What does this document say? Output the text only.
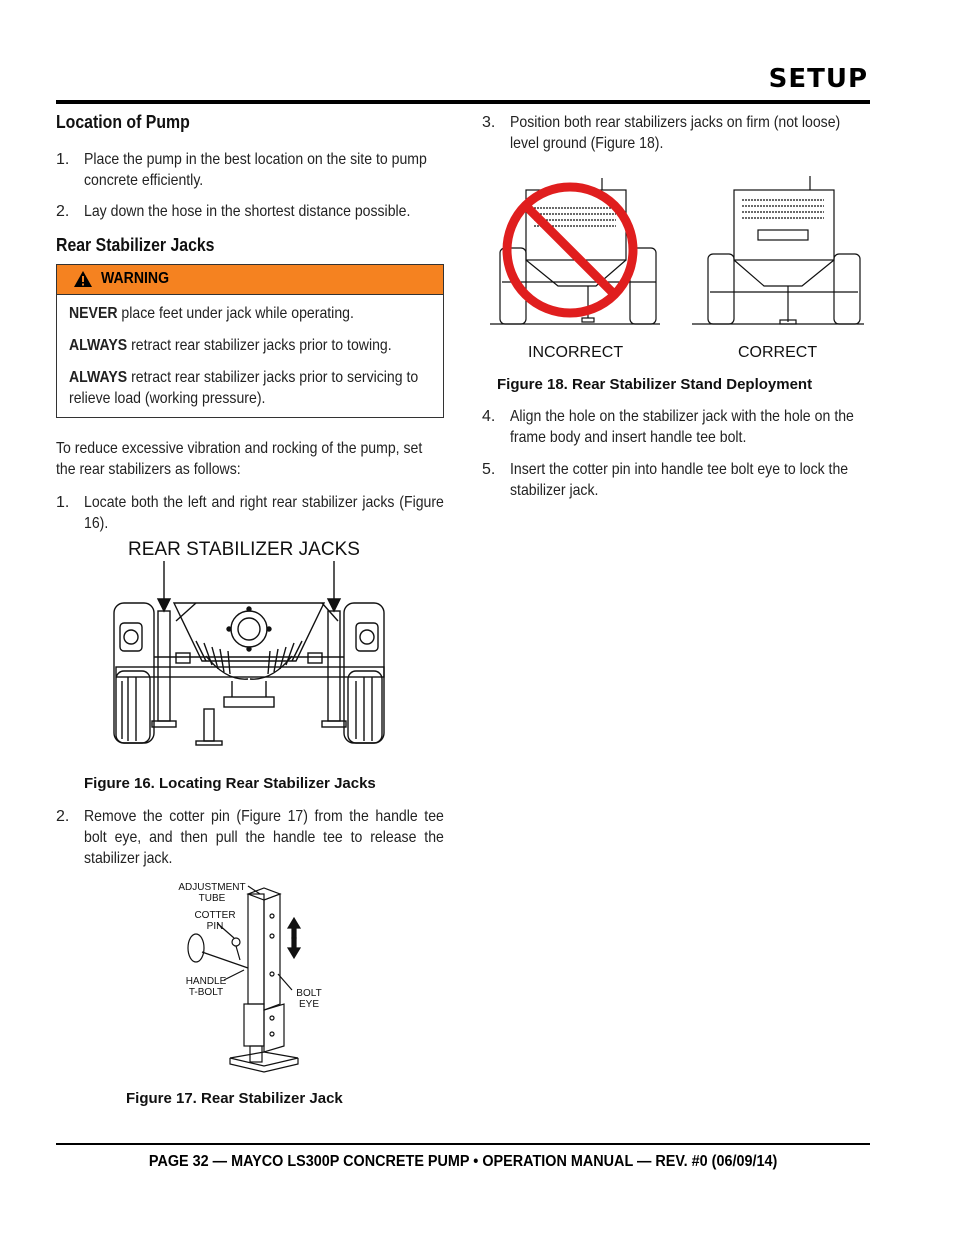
SETUP
Location of Pump
1. Place the pump in the best location on the site to pump concrete efficiently.
2. Lay down the hose in the shortest distance possible.
Rear Stabilizer Jacks
WARNING
NEVER place feet under jack while operating.
ALWAYS retract rear stabilizer jacks prior to towing.
ALWAYS retract rear stabilizer jacks prior to servicing to relieve load (working pressure).
To reduce excessive vibration and rocking of the pump, set the rear stabilizers as follows:
1. Locate both the left and right rear stabilizer jacks (Figure 16).
REAR STABILIZER JACKS
Figure 16. Locating Rear Stabilizer Jacks
2. Remove the cotter pin (Figure 17) from the handle tee bolt eye, and then pull the handle tee to release the stabilizer jack.
ADJUSTMENT
TUBE
COTTER
PIN
HANDLE
T-BOLT	BOLT
EYE
Figure 17. Rear Stabilizer Jack
3. Position both rear stabilizers jacks on firm (not loose) level ground (Figure 18).
INCORRECT	CORRECT
Figure 18. Rear Stabilizer Stand Deployment
4. Align the hole on the stabilizer jack with the hole on the frame body and insert handle tee bolt.
5. Insert the cotter pin into handle tee bolt eye to lock the stabilizer jack.
PAGE 32 — MAYCO LS300P CONCRETE PUMP • OPERATION MANUAL — REV. #0 (06/09/14)
